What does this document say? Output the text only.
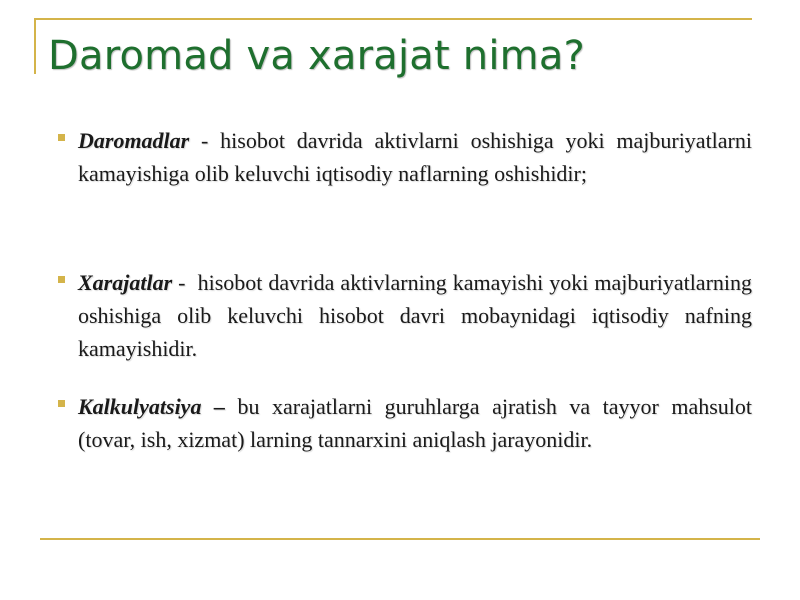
Daromad va xarajat nima?

Daromadlar - hisobot davrida aktivlarni oshishiga yoki majburiyatlarni kamayishiga olib keluvchi iqtisodiy naflarning oshishidir;

Xarajatlar -  hisobot davrida aktivlarning kamayishi yoki majburiyatlarning oshishiga olib keluvchi hisobot davri mobaynidagi iqtisodiy nafning kamayishidir.

Kalkulyatsiya – bu xarajatlarni guruhlarga ajratish va tayyor mahsulot (tovar, ish, xizmat) larning tannarxini aniqlash jarayonidir.
